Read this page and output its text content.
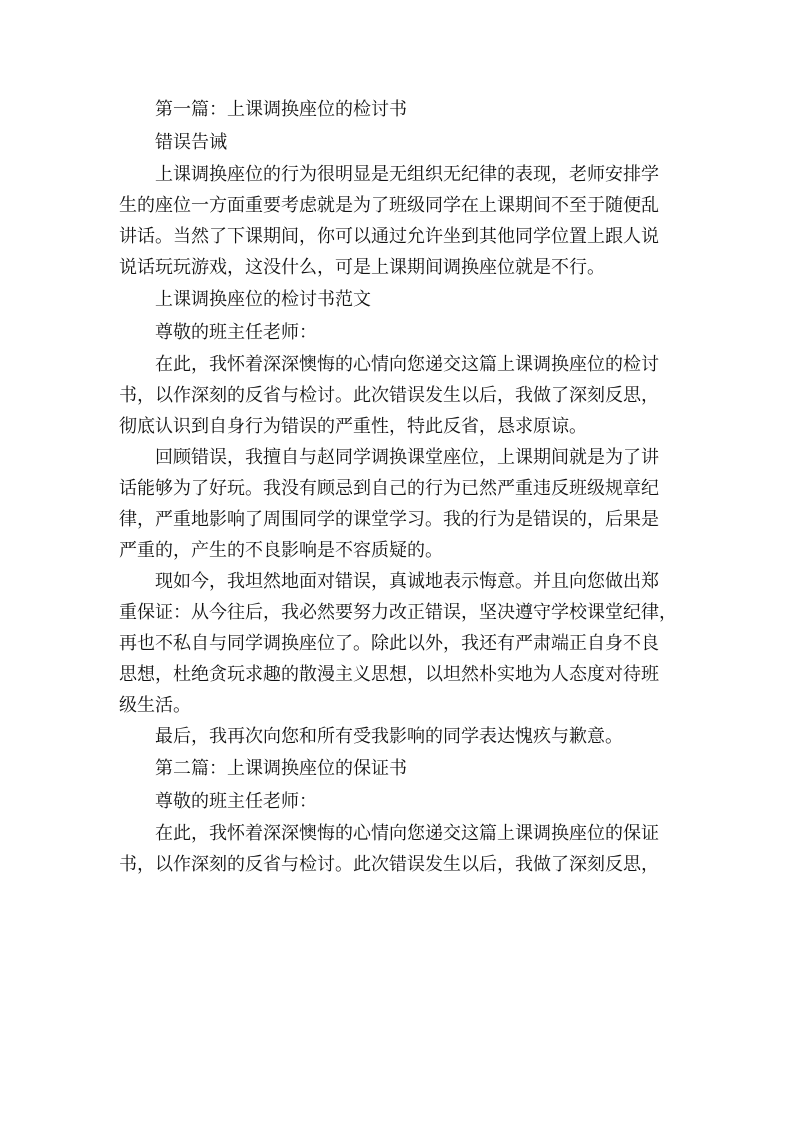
第一篇：上课调换座位的检讨书
错误告诫
上课调换座位的行为很明显是无组织无纪律的表现，老师安排学
生的座位一方面重要考虑就是为了班级同学在上课期间不至于随便乱
讲话。当然了下课期间，你可以通过允许坐到其他同学位置上跟人说
说话玩玩游戏，这没什么，可是上课期间调换座位就是不行。
上课调换座位的检讨书范文
尊敬的班主任老师：
在此，我怀着深深懊悔的心情向您递交这篇上课调换座位的检讨
书，以作深刻的反省与检讨。此次错误发生以后，我做了深刻反思，
彻底认识到自身行为错误的严重性，特此反省，恳求原谅。
回顾错误，我擅自与赵同学调换课堂座位，上课期间就是为了讲
话能够为了好玩。我没有顾忌到自己的行为已然严重违反班级规章纪
律，严重地影响了周围同学的课堂学习。我的行为是错误的，后果是
严重的，产生的不良影响是不容质疑的。
现如今，我坦然地面对错误，真诚地表示悔意。并且向您做出郑
重保证：从今往后，我必然要努力改正错误，坚决遵守学校课堂纪律，
再也不私自与同学调换座位了。除此以外，我还有严肃端正自身不良
思想，杜绝贪玩求趣的散漫主义思想，以坦然朴实地为人态度对待班
级生活。
最后，我再次向您和所有受我影响的同学表达愧疚与歉意。
第二篇：上课调换座位的保证书
尊敬的班主任老师：
在此，我怀着深深懊悔的心情向您递交这篇上课调换座位的保证
书，以作深刻的反省与检讨。此次错误发生以后，我做了深刻反思，
